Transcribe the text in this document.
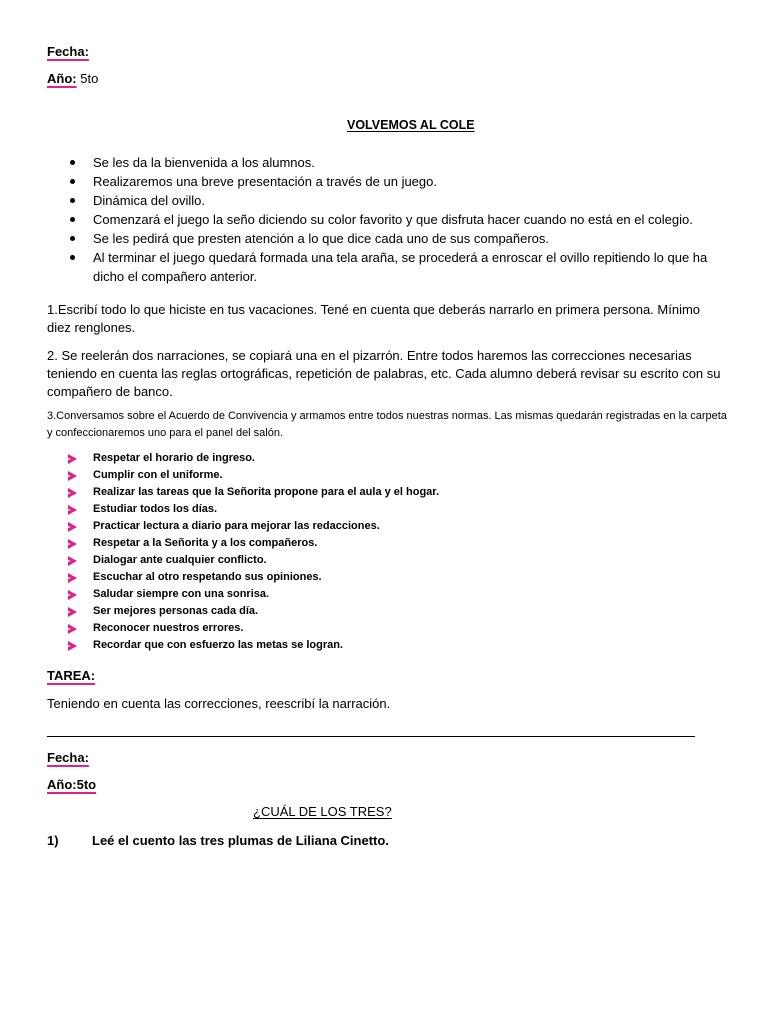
Fecha:
Año: 5to
VOLVEMOS AL COLE
Se les da la bienvenida a los alumnos.
Realizaremos una breve presentación a través de un juego.
Dinámica del ovillo.
Comenzará el juego la seño diciendo su color favorito y que disfruta hacer cuando no está en el colegio.
Se les pedirá que presten atención a lo que dice cada uno de sus compañeros.
Al terminar el juego quedará formada una tela araña, se procederá a enroscar el ovillo repitiendo lo que ha dicho el compañero anterior.
1.Escribí todo lo que hiciste en tus vacaciones. Tené en cuenta que deberás narrarlo en primera persona. Mínimo diez renglones.
2. Se reelerán dos narraciones, se copiará una en el pizarrón. Entre todos haremos las correcciones necesarias teniendo en cuenta las reglas ortográficas, repetición de palabras, etc. Cada alumno deberá revisar su escrito con su compañero de banco.
3.Conversamos sobre el Acuerdo de Convivencia y armamos entre todos nuestras normas. Las mismas quedarán registradas en la carpeta y confeccionaremos uno para el panel del salón.
Respetar el horario de ingreso.
Cumplir con el uniforme.
Realizar las tareas que la Señorita propone para el aula y el hogar.
Estudiar todos los días.
Practicar lectura a diario para mejorar las redacciones.
Respetar a la Señorita y a los compañeros.
Dialogar ante cualquier conflicto.
Escuchar al otro respetando sus opiniones.
Saludar siempre con una sonrisa.
Ser mejores personas cada día.
Reconocer nuestros errores.
Recordar que con esfuerzo las metas se logran.
TAREA:
Teniendo en cuenta las correcciones, reescribí la narración.
Fecha:
Año:5to
¿CUÁL DE LOS TRES?
1)	Leé el cuento las tres plumas de Liliana Cinetto.
